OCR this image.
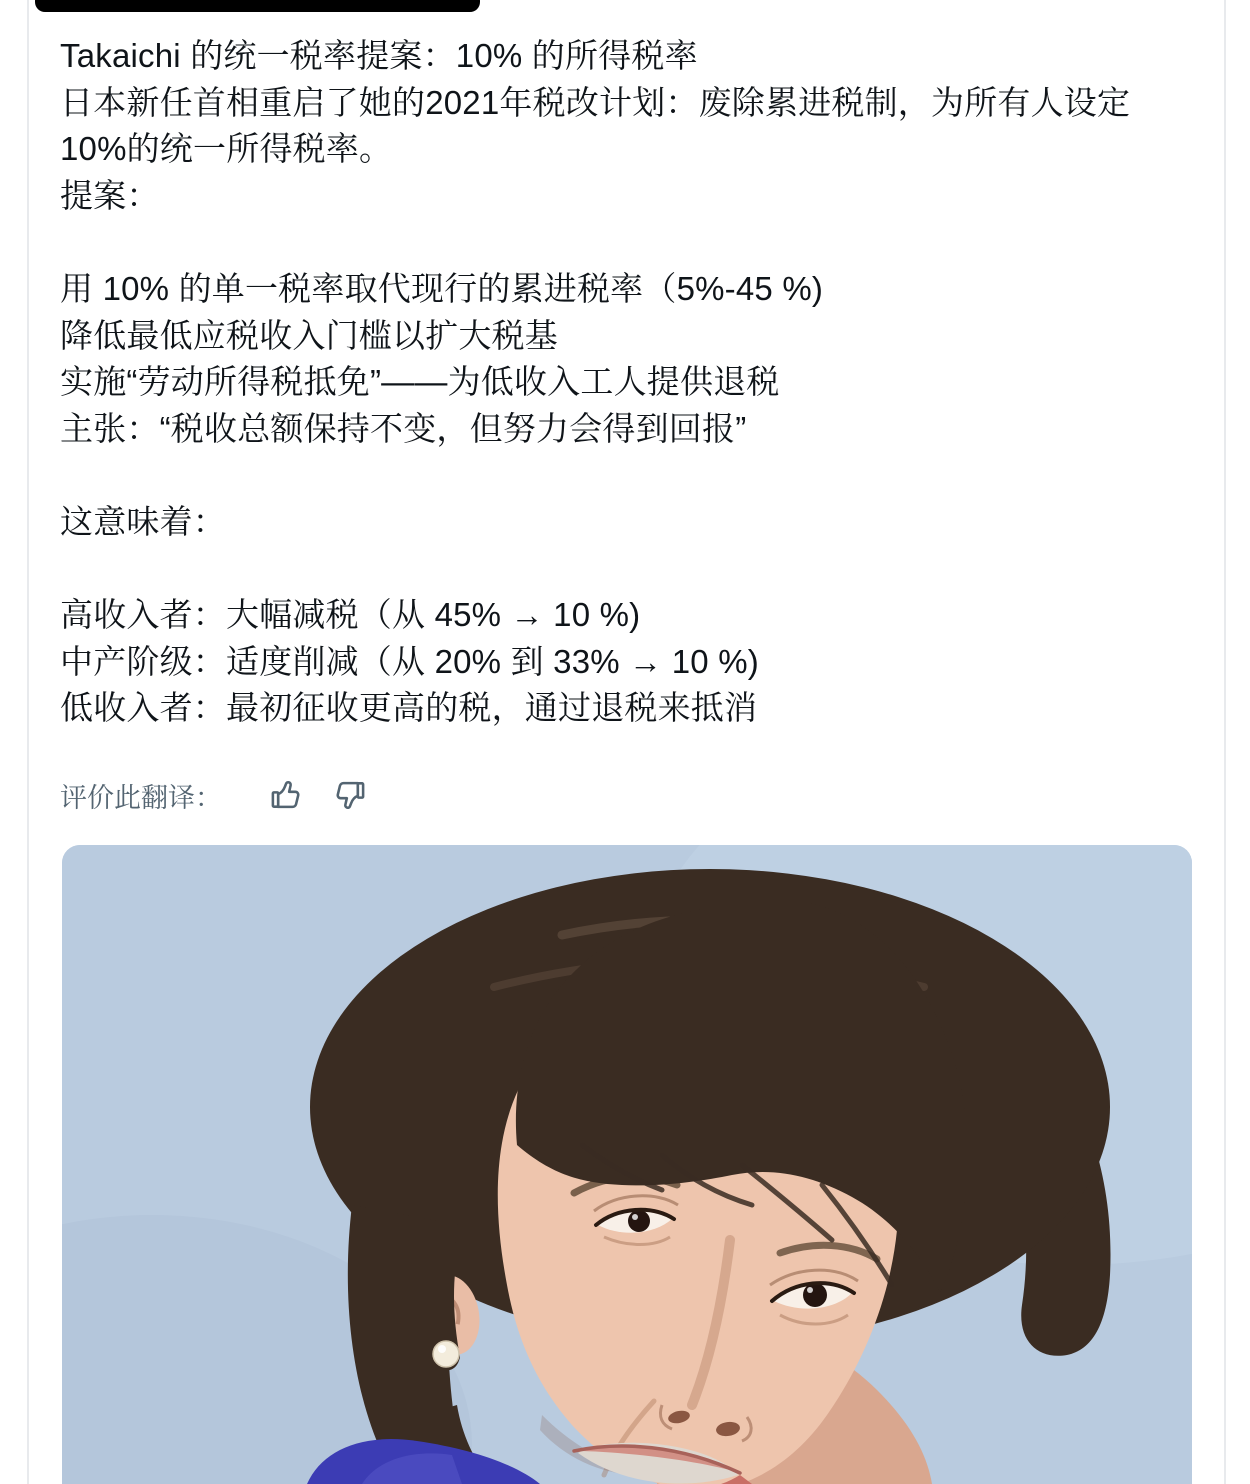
Takaichi 的统一税率提案：10% 的所得税率
日本新任首相重启了她的2021年税改计划：废除累进税制，为所有人设定
10%的统一所得税率。
提案：
用 10% 的单一税率取代现行的累进税率（5%-45 %)
降低最低应税收入门槛以扩大税基
实施“劳动所得税抵免”——为低收入工人提供退税
主张：“税收总额保持不变，但努力会得到回报”
这意味着：
高收入者：大幅减税（从 45% → 10 %)
中产阶级：适度削减（从 20% 到 33% → 10 %)
低收入者：最初征收更高的税，通过退税来抵消
评价此翻译：
